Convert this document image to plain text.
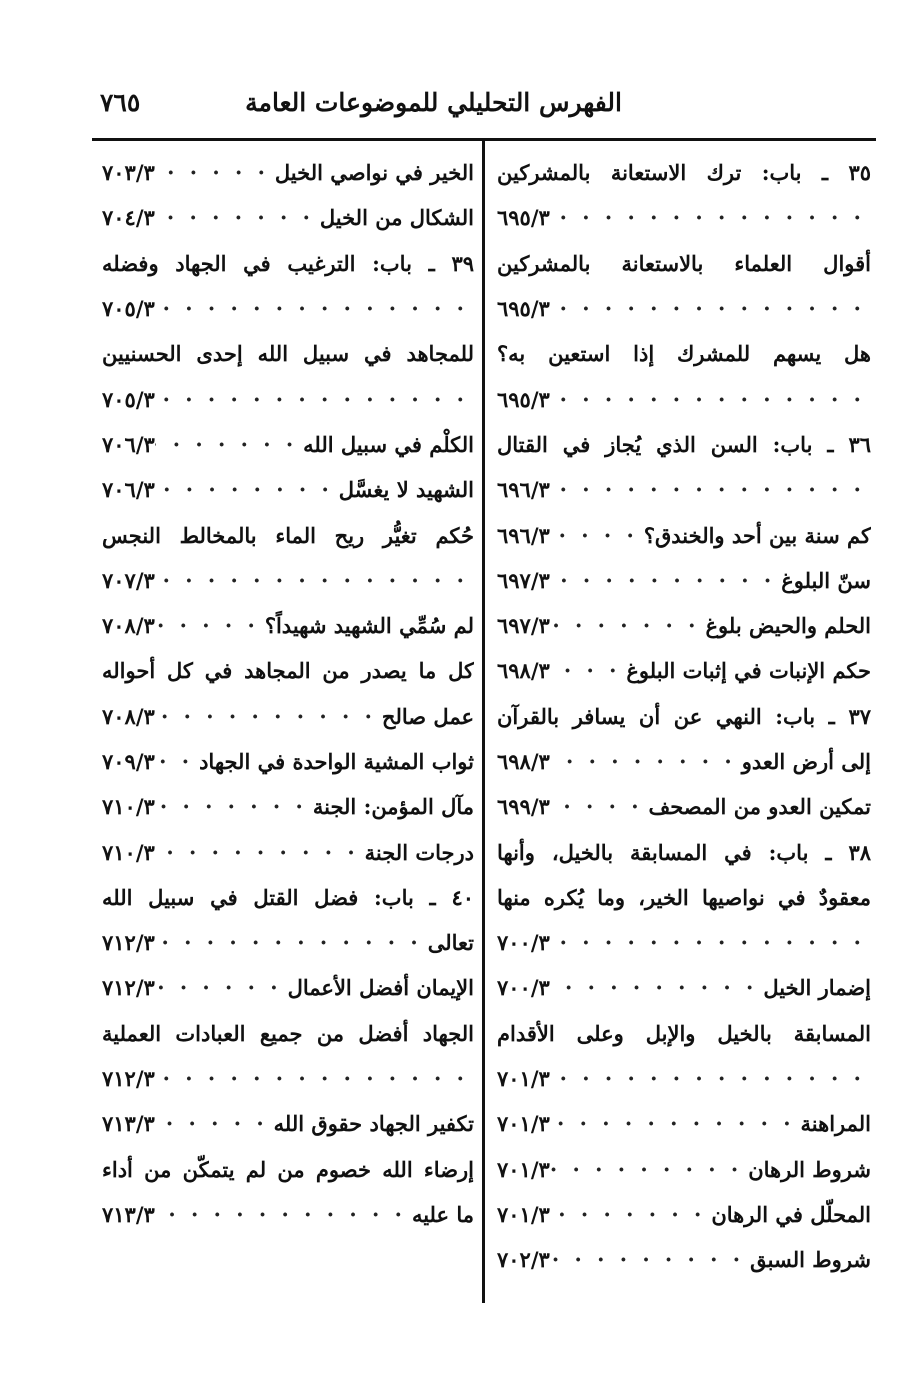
الفهرس التحليلي للموضوعات العامة
٧٦٥
٣٥ ـ باب: ترك الاستعانة بالمشركين
· · ·
٦٩٥/٣
أقوال العلماء بالاستعانة بالمشركين
· · ·
٦٩٥/٣
هل يسهم للمشرك إذا استعين به؟
· · ·
٦٩٥/٣
٣٦ ـ باب: السن الذي يُجاز في القتال
· · ·
٦٩٦/٣
كم سنة بين أحد والخندق؟
· · ·
٦٩٦/٣
سنّ البلوغ
· · ·
٦٩٧/٣
الحلم والحيض بلوغ
· · ·
٦٩٧/٣
حكم الإنبات في إثبات البلوغ
· · ·
٦٩٨/٣
٣٧ ـ باب: النهي عن أن يسافر بالقرآن
إلى أرض العدو
· · ·
٦٩٨/٣
تمكين العدو من المصحف
· · ·
٦٩٩/٣
٣٨ ـ باب: في المسابقة بالخيل، وأنها
معقودٌ في نواصيها الخير، وما يُكره منها
· · ·
٧٠٠/٣
إضمار الخيل
· · ·
٧٠٠/٣
المسابقة بالخيل والإبل وعلى الأقدام
· · ·
٧٠١/٣
المراهنة
· · ·
٧٠١/٣
شروط الرهان
· · ·
٧٠١/٣
المحلّل في الرهان
· · ·
٧٠١/٣
شروط السبق
· · ·
٧٠٢/٣
الخير في نواصي الخيل
· · ·
٧٠٣/٣
الشكال من الخيل
· · ·
٧٠٤/٣
٣٩ ـ باب: الترغيب في الجهاد وفضله
· · ·
٧٠٥/٣
للمجاهد في سبيل الله إحدى الحسنيين
· · ·
٧٠٥/٣
الكلْم في سبيل الله
· · ·
٧٠٦/٣
الشهيد لا يغسَّل
· · ·
٧٠٦/٣
حُكم تغيُّر ريح الماء بالمخالط النجس
· · ·
٧٠٧/٣
لم سُمِّي الشهيد شهيداً؟
· · ·
٧٠٨/٣
كل ما يصدر من المجاهد في كل أحواله
عمل صالح
· · ·
٧٠٨/٣
ثواب المشية الواحدة في الجهاد
· · ·
٧٠٩/٣
مآل المؤمن: الجنة
· · ·
٧١٠/٣
درجات الجنة
· · ·
٧١٠/٣
٤٠ ـ باب: فضل القتل في سبيل الله
تعالى
· · ·
٧١٢/٣
الإيمان أفضل الأعمال
· · ·
٧١٢/٣
الجهاد أفضل من جميع العبادات العملية
· · ·
٧١٢/٣
تكفير الجهاد حقوق الله
· · ·
٧١٣/٣
إرضاء الله خصوم من لم يتمكّن من أداء
ما عليه
· · ·
٧١٣/٣
